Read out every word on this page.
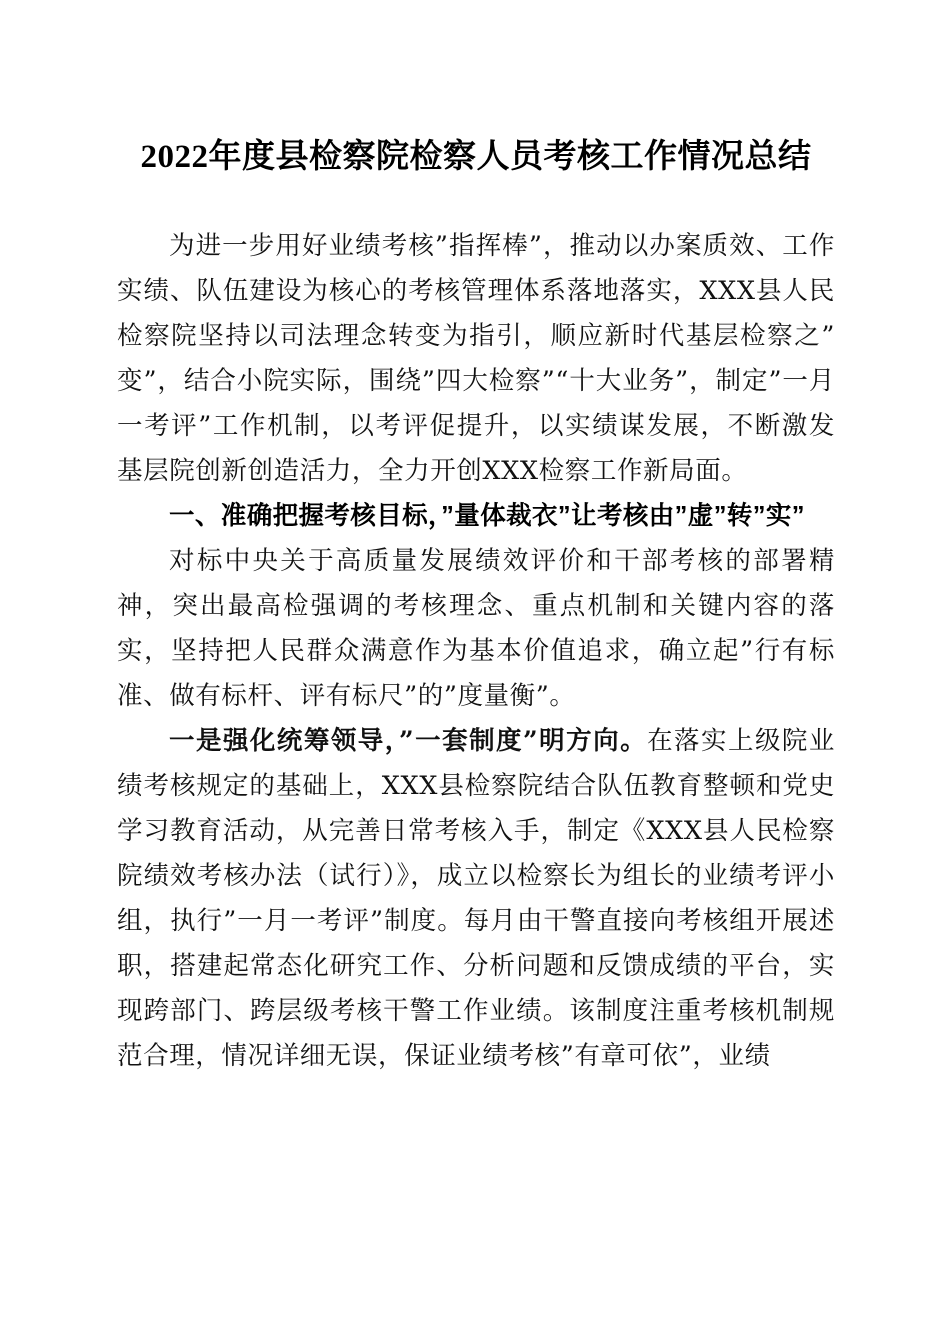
2022年度县检察院检察人员考核工作情况总结

为进一步用好业绩考核”指挥棒”，推动以办案质效、工作实绩、队伍建设为核心的考核管理体系落地落实，XXX县人民检察院坚持以司法理念转变为指引，顺应新时代基层检察之”变”，结合小院实际，围绕”四大检察”“十大业务”，制定”一月一考评”工作机制，以考评促提升，以实绩谋发展，不断激发基层院创新创造活力，全力开创XXX检察工作新局面。

一、准确把握考核目标，”量体裁衣”让考核由”虚”转”实”

对标中央关于高质量发展绩效评价和干部考核的部署精神，突出最高检强调的考核理念、重点机制和关键内容的落实，坚持把人民群众满意作为基本价值追求，确立起”行有标准、做有标杆、评有标尺”的”度量衡”。

一是强化统筹领导，”一套制度”明方向。在落实上级院业绩考核规定的基础上，XXX县检察院结合队伍教育整顿和党史学习教育活动，从完善日常考核入手，制定《XXX县人民检察院绩效考核办法（试行）》，成立以检察长为组长的业绩考评小组，执行”一月一考评”制度。每月由干警直接向考核组开展述职，搭建起常态化研究工作、分析问题和反馈成绩的平台，实现跨部门、跨层级考核干警工作业绩。该制度注重考核机制规范合理，情况详细无误，保证业绩考核”有章可依”，业绩
